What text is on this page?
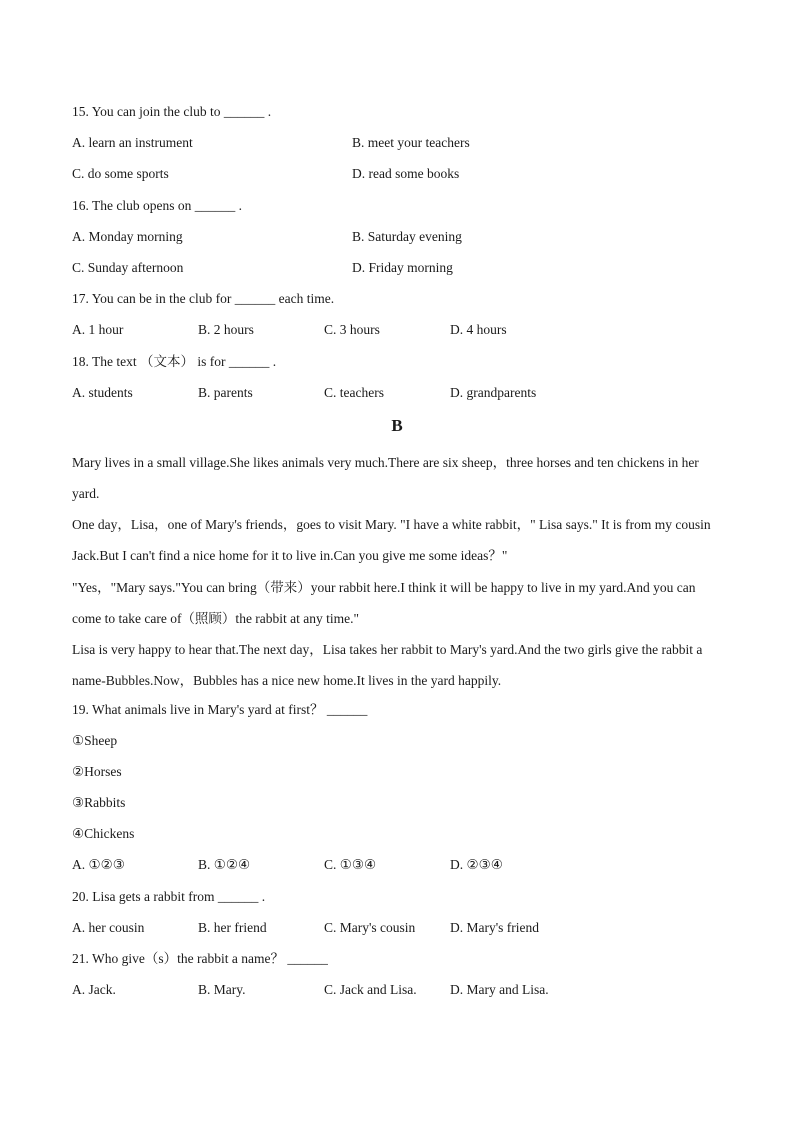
15. You can join the club to ______ .
A. learn an instrument	B. meet your teachers
C. do some sports	D. read some books
16. The club opens on ______ .
A. Monday morning	B. Saturday evening
C. Sunday afternoon	D. Friday morning
17. You can be in the club for ______ each time.
A. 1 hour	B. 2 hours	C. 3 hours	D. 4 hours
18. The text （文本） is for ______ .
A. students	B. parents	C. teachers	D. grandparents
B
Mary lives in a small village.She likes animals very much.There are six sheep，three horses and ten chickens in her yard.
One day，Lisa，one of Mary's friends，goes to visit Mary. "I have a white rabbit，" Lisa says." It is from my cousin Jack.But I can't find a nice home for it to live in.Can you give me some ideas？"
"Yes，"Mary says."You can bring（带来）your rabbit here.I think it will be happy to live in my yard.And you can come to take care of（照顾）the rabbit at any time."
Lisa is very happy to hear that.The next day，Lisa takes her rabbit to Mary's yard.And the two girls give the rabbit a name-Bubbles.Now，Bubbles has a nice new home.It lives in the yard happily.
19. What animals live in Mary's yard at first？ ______
①Sheep
②Horses
③Rabbits
④Chickens
A. ①②③	B. ①②④	C. ①③④	D. ②③④
20. Lisa gets a rabbit from ______ .
A. her cousin	B. her friend	C. Mary's cousin	D. Mary's friend
21. Who give（s）the rabbit a name？ ______
A. Jack.	B. Mary.	C. Jack and Lisa.	D. Mary and Lisa.
